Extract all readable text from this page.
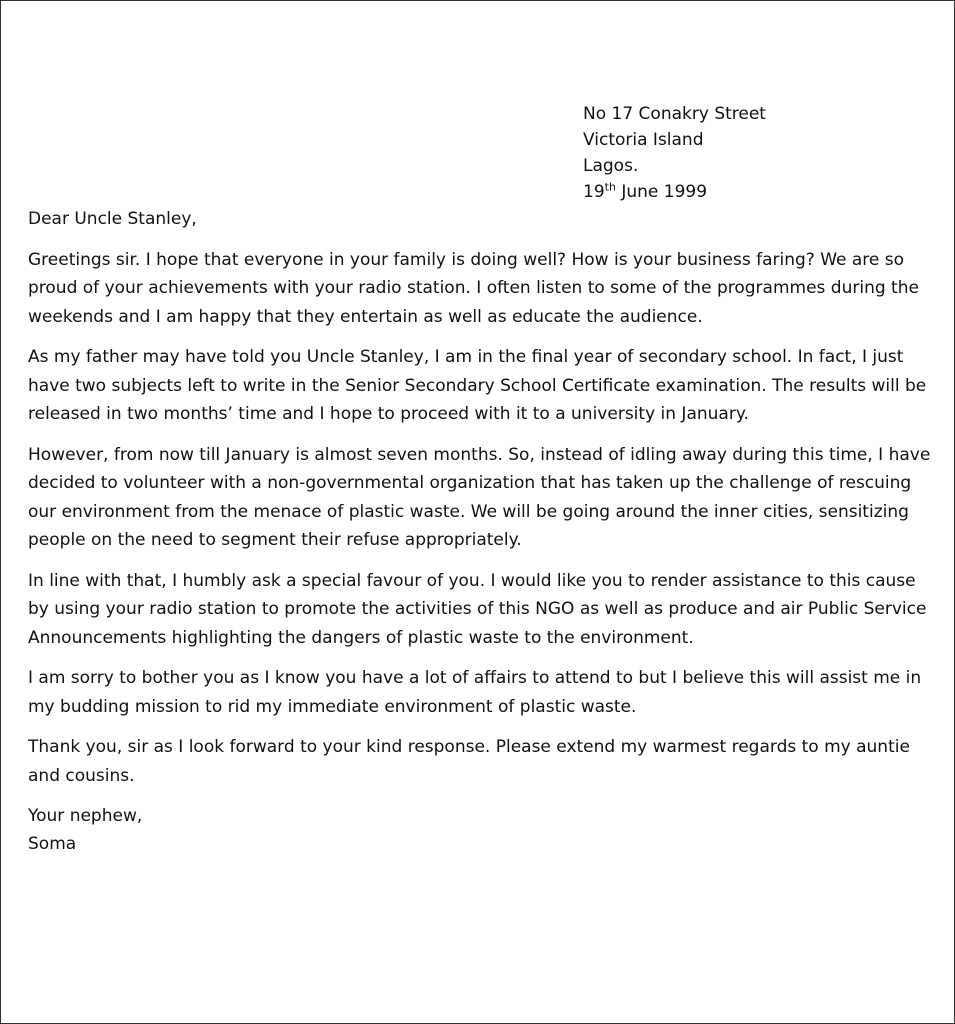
No 17 Conakry Street
Victoria Island
Lagos.
19th June 1999
Dear Uncle Stanley,
Greetings sir. I hope that everyone in your family is doing well? How is your business faring? We are so proud of your achievements with your radio station. I often listen to some of the programmes during the weekends and I am happy that they entertain as well as educate the audience.
As my father may have told you Uncle Stanley, I am in the final year of secondary school. In fact, I just have two subjects left to write in the Senior Secondary School Certificate examination. The results will be released in two months’ time and I hope to proceed with it to a university in January.
However, from now till January is almost seven months. So, instead of idling away during this time, I have decided to volunteer with a non-governmental organization that has taken up the challenge of rescuing our environment from the menace of plastic waste. We will be going around the inner cities, sensitizing people on the need to segment their refuse appropriately.
In line with that, I humbly ask a special favour of you. I would like you to render assistance to this cause by using your radio station to promote the activities of this NGO as well as produce and air Public Service Announcements highlighting the dangers of plastic waste to the environment.
I am sorry to bother you as I know you have a lot of affairs to attend to but I believe this will assist me in my budding mission to rid my immediate environment of plastic waste.
Thank you, sir as I look forward to your kind response. Please extend my warmest regards to my auntie and cousins.
Your nephew,
Soma
